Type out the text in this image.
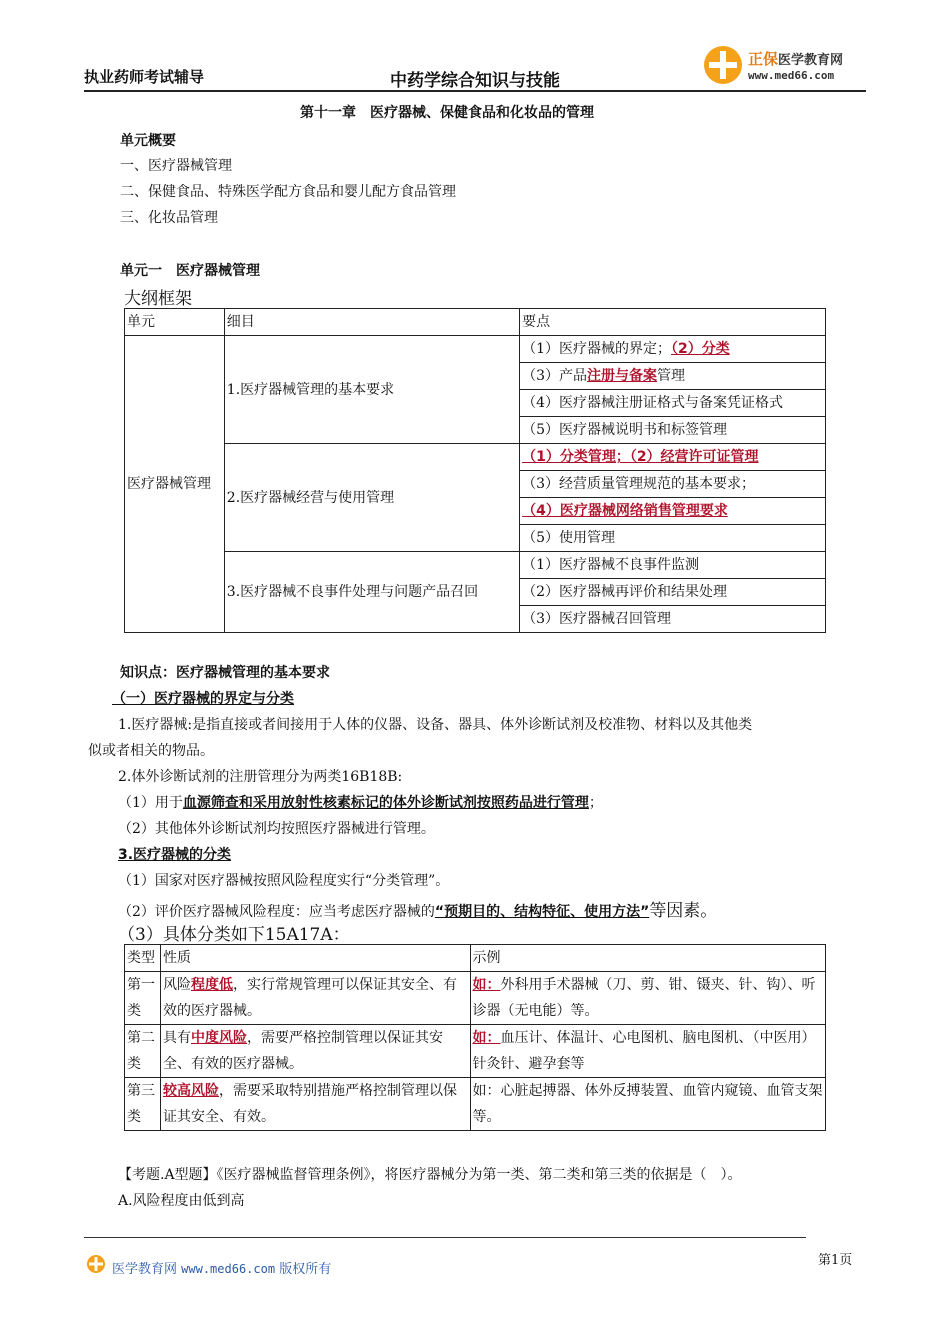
执业药师考试辅导	中药学综合知识与技能
正保医学教育网
www.med66.com
第十一章　医疗器械、保健食品和化妆品的管理
单元概要
一、医疗器械管理
二、保健食品、特殊医学配方食品和婴儿配方食品管理
三、化妆品管理
单元一　医疗器械管理
大纲框架
单元	细目	要点
医疗器械管理	1.医疗器械管理的基本要求	（1）医疗器械的界定；（2）分类
		（3）产品注册与备案管理
		（4）医疗器械注册证格式与备案凭证格式
		（5）医疗器械说明书和标签管理
	2.医疗器械经营与使用管理	（1）分类管理；（2）经营许可证管理
		（3）经营质量管理规范的基本要求；
		（4）医疗器械网络销售管理要求
		（5）使用管理
	3.医疗器械不良事件处理与问题产品召回	（1）医疗器械不良事件监测
		（2）医疗器械再评价和结果处理
		（3）医疗器械召回管理
知识点：医疗器械管理的基本要求
（一）医疗器械的界定与分类
1.医疗器械:是指直接或者间接用于人体的仪器、设备、器具、体外诊断试剂及校准物、材料以及其他类
似或者相关的物品。
2.体外诊断试剂的注册管理分为两类16B18B:
（1）用于血源筛查和采用放射性核素标记的体外诊断试剂按照药品进行管理；
（2）其他体外诊断试剂均按照医疗器械进行管理。
3.医疗器械的分类
（1）国家对医疗器械按照风险程度实行“分类管理”。
（2）评价医疗器械风险程度：应当考虑医疗器械的“预期目的、结构特征、使用方法”等因素。
（3）具体分类如下15A17A：
类型	性质	示例
第一
类	风险程度低，实行常规管理可以保证其安全、有效的医疗器械。	如：外科用手术器械（刀、剪、钳、镊夹、针、钩）、听诊器（无电能）等。
第二
类	具有中度风险，需要严格控制管理以保证其安全、有效的医疗器械。	如：血压计、体温计、心电图机、脑电图机、（中医用）针灸针、避孕套等
第三
类	较高风险，需要采取特别措施严格控制管理以保证其安全、有效。	如：心脏起搏器、体外反搏装置、血管内窥镜、血管支架等。
【考题.A型题】《医疗器械监督管理条例》，将医疗器械分为第一类、第二类和第三类的依据是（　）。
A.风险程度由低到高
医学教育网 www.med66.com 版权所有
第1页
